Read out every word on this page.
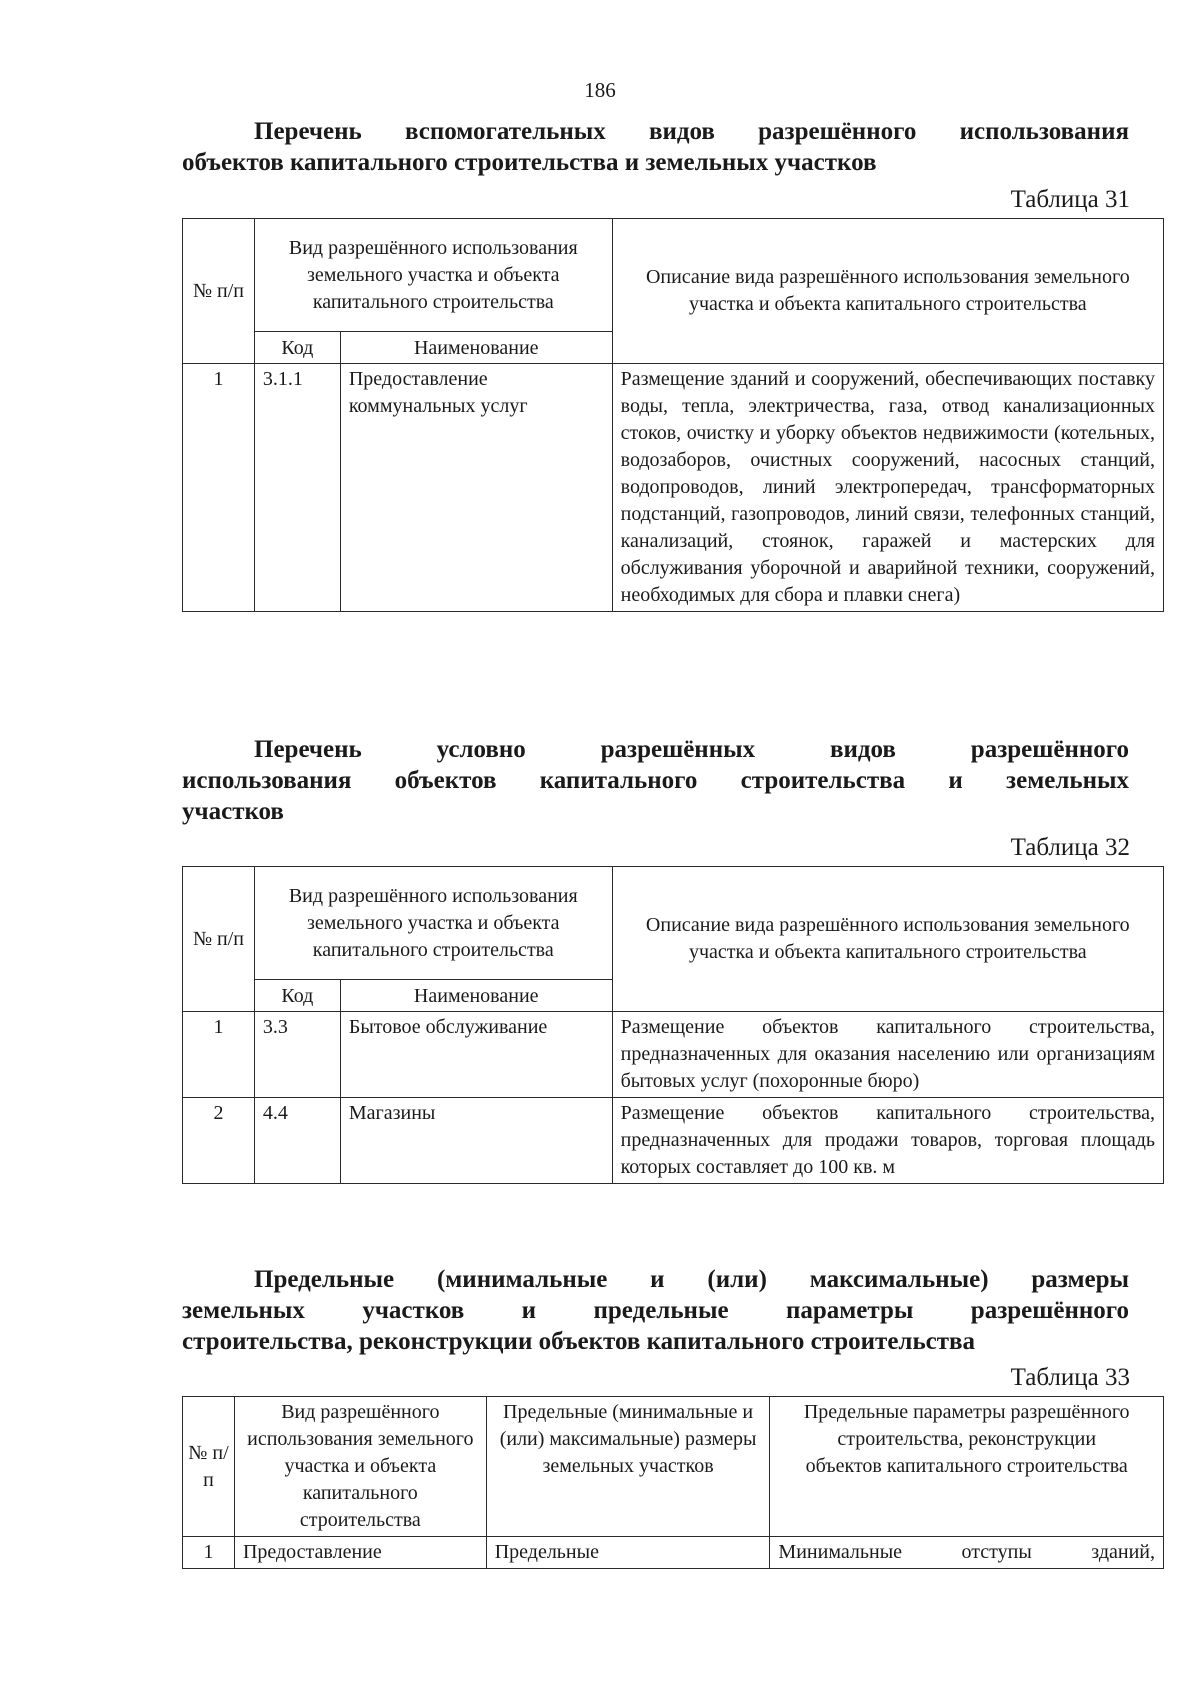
186
Перечень вспомогательных видов разрешённого использования
объектов капитального строительства и земельных участков
Таблица 31
№ п/п	Вид разрешённого использования земельного участка и объекта капитального строительства		Описание вида разрешённого использования земельного участка и объекта капитального строительства
	Код	Наименование	
1	3.1.1	Предоставление коммунальных услуг	Размещение зданий и сооружений, обеспечивающих поставку воды, тепла, электричества, газа, отвод канализационных стоков, очистку и уборку объектов недвижимости (котельных, водозаборов, очистных сооружений, насосных станций, водопроводов, линий электропередач, трансформаторных подстанций, газопроводов, линий связи, телефонных станций, канализаций, стоянок, гаражей и мастерских для обслуживания уборочной и аварийной техники, сооружений, необходимых для сбора и плавки снега)
Перечень условно разрешённых видов разрешённого
использования объектов капитального строительства и земельных
участков
Таблица 32
№ п/п	Вид разрешённого использования земельного участка и объекта капитального строительства		Описание вида разрешённого использования земельного участка и объекта капитального строительства
	Код	Наименование	
1	3.3	Бытовое обслуживание	Размещение объектов капитального строительства, предназначенных для оказания населению или организациям бытовых услуг (похоронные бюро)
2	4.4	Магазины	Размещение объектов капитального строительства, предназначенных для продажи товаров, торговая площадь которых составляет до 100 кв. м
Предельные (минимальные и (или) максимальные) размеры
земельных участков и предельные параметры разрешённого
строительства, реконструкции объектов капитального строительства
Таблица 33
№ п/п	Вид разрешённого использования земельного участка и объекта капитального строительства	Предельные (минимальные и (или) максимальные) размеры земельных участков	Предельные параметры разрешённого строительства, реконструкции объектов капитального строительства
1	Предоставление	Предельные	Минимальные отступы зданий,
